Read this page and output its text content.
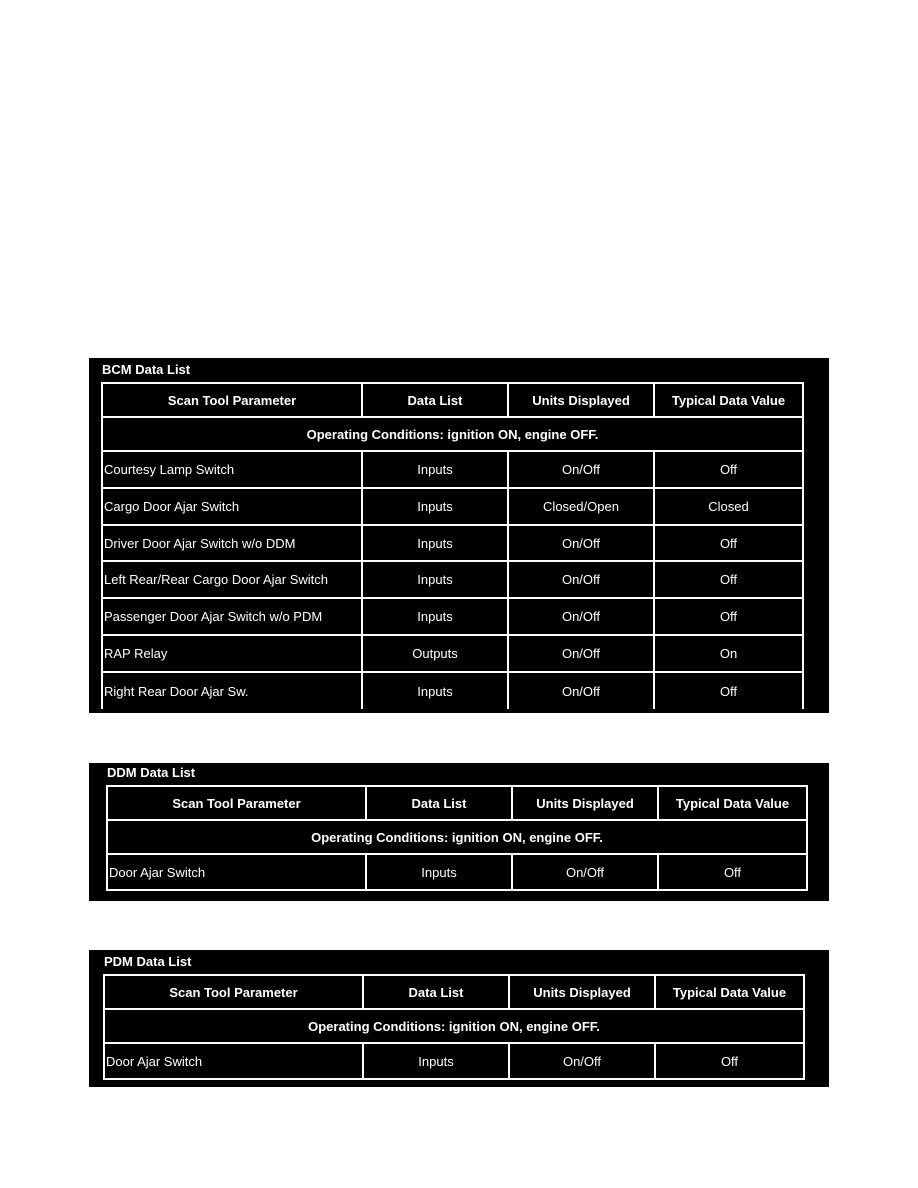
BCM Data List
Scan Tool Parameter	Data List	Units Displayed	Typical Data Value
Operating Conditions: ignition ON, engine OFF.			
Courtesy Lamp Switch	Inputs	On/Off	Off
Cargo Door Ajar Switch	Inputs	Closed/Open	Closed
Driver Door Ajar Switch w/o DDM	Inputs	On/Off	Off
Left Rear/Rear Cargo Door Ajar Switch	Inputs	On/Off	Off
Passenger Door Ajar Switch w/o PDM	Inputs	On/Off	Off
RAP Relay	Outputs	On/Off	On
Right Rear Door Ajar Sw.	Inputs	On/Off	Off
DDM Data List
Scan Tool Parameter	Data List	Units Displayed	Typical Data Value
Operating Conditions: ignition ON, engine OFF.			
Door Ajar Switch	Inputs	On/Off	Off
PDM Data List
Scan Tool Parameter	Data List	Units Displayed	Typical Data Value
Operating Conditions: ignition ON, engine OFF.			
Door Ajar Switch	Inputs	On/Off	Off
